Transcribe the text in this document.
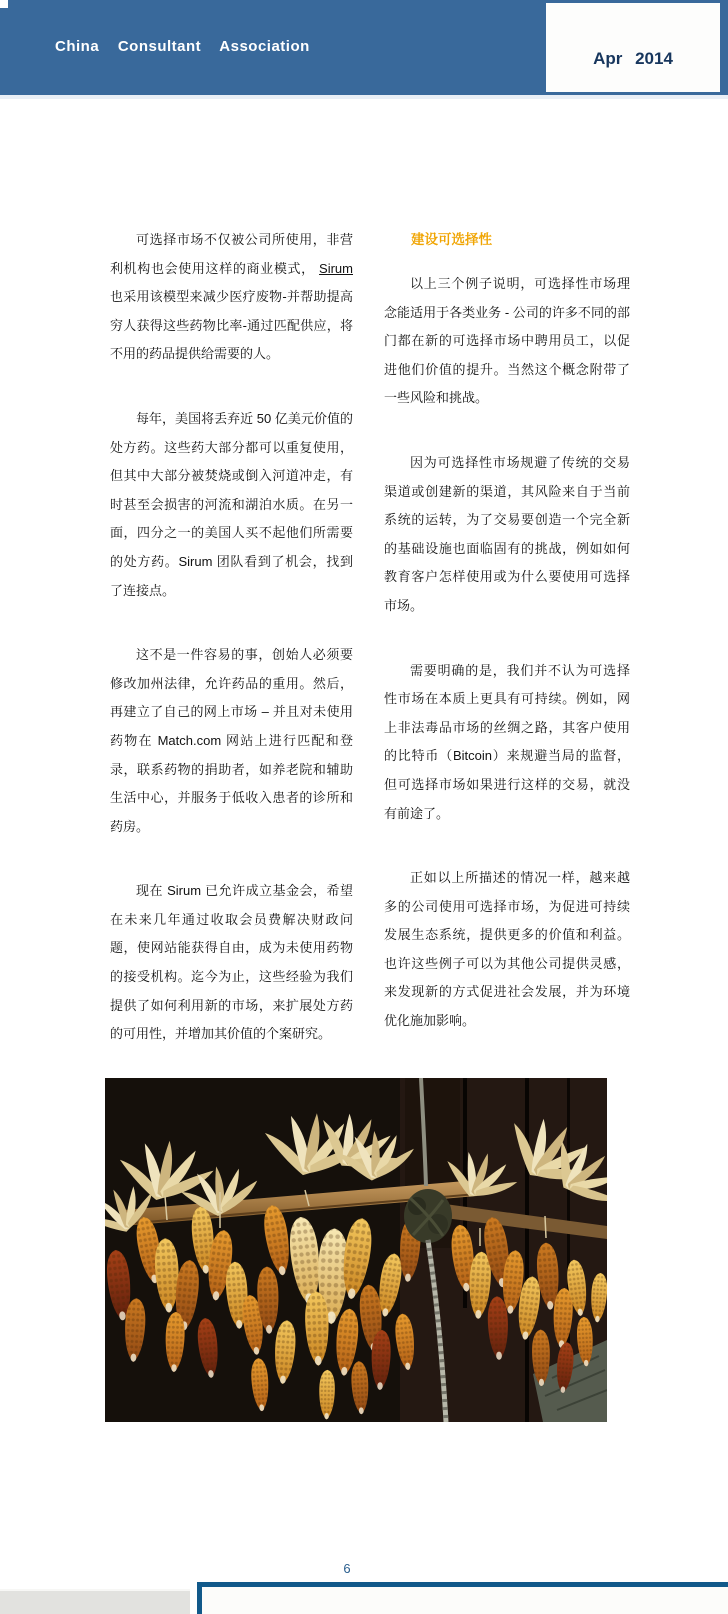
China Consultant Association
Apr 2014

可选择市场不仅被公司所使用，非营利机构也会使用这样的商业模式， Sirum 也采用该模型来减少医疗废物-并帮助提高穷人获得这些药物比率-通过匹配供应，将不用的药品提供给需要的人。

每年，美国将丢弃近 50 亿美元价值的处方药。这些药大部分都可以重复使用，但其中大部分被焚烧或倒入河道冲走，有时甚至会损害的河流和湖泊水质。在另一面，四分之一的美国人买不起他们所需要的处方药。Sirum 团队看到了机会，找到了连接点。

这不是一件容易的事，创始人必须要修改加州法律，允许药品的重用。然后，再建立了自己的网上市场 – 并且对未使用药物在 Match.com 网站上进行匹配和登录，联系药物的捐助者，如养老院和辅助生活中心，并服务于低收入患者的诊所和药房。

现在 Sirum 已允许成立基金会，希望在未来几年通过收取会员费解决财政问题，使网站能获得自由，成为未使用药物的接受机构。迄今为止，这些经验为我们提供了如何利用新的市场，来扩展处方药的可用性，并增加其价值的个案研究。

建设可选择性

以上三个例子说明，可选择性市场理念能适用于各类业务 - 公司的许多不同的部门都在新的可选择市场中聘用员工，以促进他们价值的提升。当然这个概念附带了一些风险和挑战。

因为可选择性市场规避了传统的交易渠道或创建新的渠道，其风险来自于当前系统的运转，为了交易要创造一个完全新的基础设施也面临固有的挑战，例如如何教育客户怎样使用或为什么要使用可选择市场。

需要明确的是，我们并不认为可选择性市场在本质上更具有可持续。例如，网上非法毒品市场的丝绸之路，其客户使用的比特币（Bitcoin）来规避当局的监督，但可选择市场如果进行这样的交易，就没有前途了。

正如以上所描述的情况一样，越来越多的公司使用可选择市场，为促进可持续发展生态系统，提供更多的价值和利益。也许这些例子可以为其他公司提供灵感，来发现新的方式促进社会发展，并为环境优化施加影响。

6
